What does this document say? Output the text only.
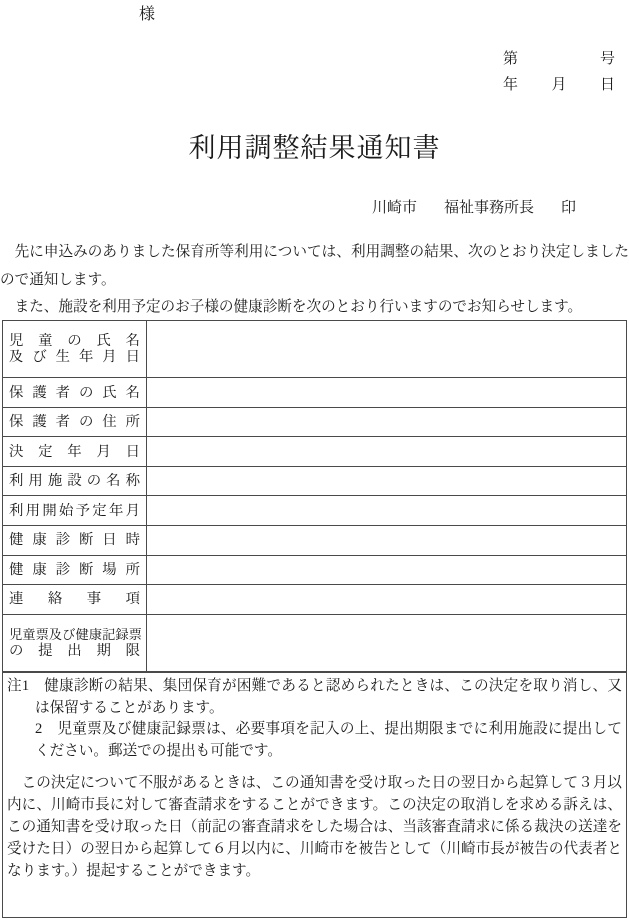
様
第	号
年 月 日
利用調整結果通知書
川崎市 福祉事務所長 印

先に申込みのありました保育所等利用については、利用調整の結果、次のとおり決定しましたので通知します。

また、施設を利用予定のお子様の健康診断を次のとおり行いますのでお知らせします。

児童の氏名
及び生年月日	

保護者の氏名	

保護者の住所	

決定年月日	

利用施設の名称	

利用開始予定年月	

健康診断日時	

健康診断場所	

連絡事項	

児童票及び健康記録票
の提出期限	

注1　健康診断の結果、集団保育が困難であると認められたときは、この決定を取り消し、又は保留することがあります。
2　児童票及び健康記録票は、必要事項を記入の上、提出期限までに利用施設に提出してください。郵送での提出も可能です。

この決定について不服があるときは、この通知書を受け取った日の翌日から起算して３月以内に、川崎市長に対して審査請求をすることができます。この決定の取消しを求める訴えは、この通知書を受け取った日（前記の審査請求をした場合は、当該審査請求に係る裁決の送達を受けた日）の翌日から起算して６月以内に、川崎市を被告として（川崎市長が被告の代表者となります。）提起することができます。
